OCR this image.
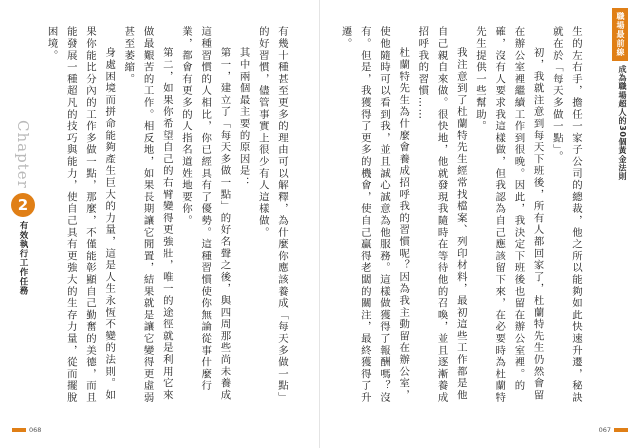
Chapter
2
有效執行工作任務	有幾十種甚至更多的理由可以解釋，為什麼你應該養成「每天多做一點」的好習慣，儘管事實上很少有人這樣做。

其中兩個最主要的原因是：

第一，建立了「每天多做一點」的好名聲之後，與四周那些尚未養成這種習慣的人相比，你已經具有了優勢。這種習慣使你無論從事什麼行業，都會有更多的人指名道姓地要你。

第二，如果你希望自己的右臂變得更強壯，唯一的途徑就是利用它來做最艱苦的工作。相反地，如果長期讓它閒置，結果就是讓它變得更虛弱甚至萎縮。

身處困境而拼命能夠產生巨大的力量，這是人生永恆不變的法則。如果你能比分內的工作多做一點，那麼，不僅能彰顯自己勤奮的美德，而且能發展一種超凡的技巧與能力，使自己具有更強大的生存力量，從而擺脫困境。

068
職場最前線
成為職場超人的30個黃金法則

生的左右手，擔任一家子公司的總裁，他之所以能夠如此快速升遷，秘訣就在於「每天多做一點」。

初，我就注意到每天下班後，所有人都回家了，杜蘭特先生仍然會留在辦公室裡繼續工作到很晚。因此，我決定下班後也留在辦公室裡。的確，沒有人要求我這樣做，但我認為自己應該留下來，在必要時為杜蘭特先生提供一些幫助。

我注意到了杜蘭特先生經常找檔案、列印材料，最初這些工作都是他自己親自來做。很快地，他就發現我隨時在等待他的召喚，並且逐漸養成招呼我的習慣……

杜蘭特先生為什麼會養成招呼我的習慣呢？因為我主動留在辦公室，使他隨時可以看到我，並且誠心誠意為他服務。這樣做獲得了報酬嗎？沒有。但是，我獲得了更多的機會，使自己贏得老闆的關注，最終獲得了升遷。

067
